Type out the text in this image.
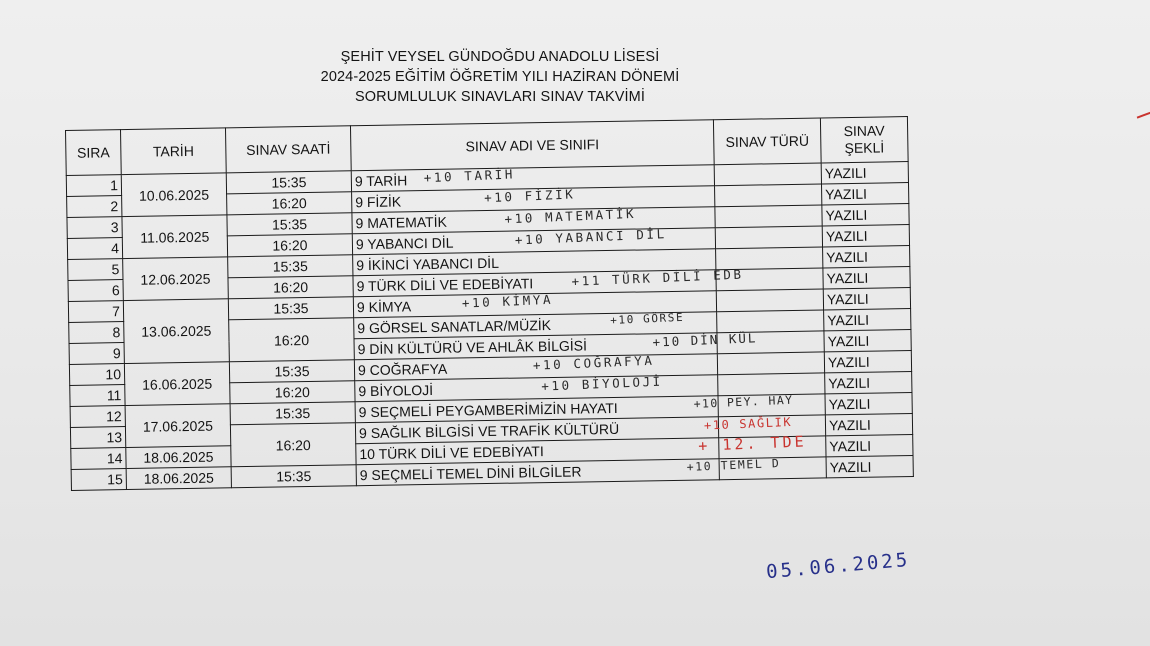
ŞEHİT VEYSEL GÜNDOĞDU ANADOLU LİSESİ
2024-2025 EĞİTİM ÖĞRETİM YILI HAZİRAN DÖNEMİ
SORUMLULUK SINAVLARI SINAV TAKVİMİ
SIRA	TARİH	SINAV SAATİ	SINAV ADI VE SINIFI	SINAV TÜRÜ	SINAV ŞEKLİ
1	10.06.2025	15:35	9 TARİH +10 TARİH		YAZILI
2		16:20	9 FİZİK +10 FİZİK		YAZILI
3	11.06.2025	15:35	9 MATEMATİK +10 MATEMATİK		YAZILI
4		16:20	9 YABANCI DİL +10 YABANCI DİL		YAZILI
5	12.06.2025	15:35	9 İKİNCİ YABANCI DİL		YAZILI
6		16:20	9 TÜRK DİLİ VE EDEBİYATI +11 TÜRK DİLİ EDB		YAZILI
7	13.06.2025	15:35	9 KİMYA +10 KİMYA		YAZILI
8		16:20	9 GÖRSEL SANATLAR/MÜZİK +10 GÖRSE		YAZILI
9			9 DİN KÜLTÜRÜ VE AHLÂK BİLGİSİ +10 DİN KÜL		YAZILI
10	16.06.2025	15:35	9 COĞRAFYA +10 COĞRAFYA		YAZILI
11		16:20	9 BİYOLOJİ +10 BİYOLOJİ		YAZILI
12	17.06.2025	15:35	9 SEÇMELİ PEYGAMBERİMİZİN HAYATI +10 PEY. HAY		YAZILI
13		16:20	9 SAĞLIK BİLGİSİ VE TRAFİK KÜLTÜRÜ +10 SAĞLIK		YAZILI
14	18.06.2025		10 TÜRK DİLİ VE EDEBİYATI + 12. TDE		YAZILI
15	18.06.2025	15:35	9 SEÇMELİ TEMEL DİNİ BİLGİLER +10 TEMEL D		YAZILI
05.06.2025
